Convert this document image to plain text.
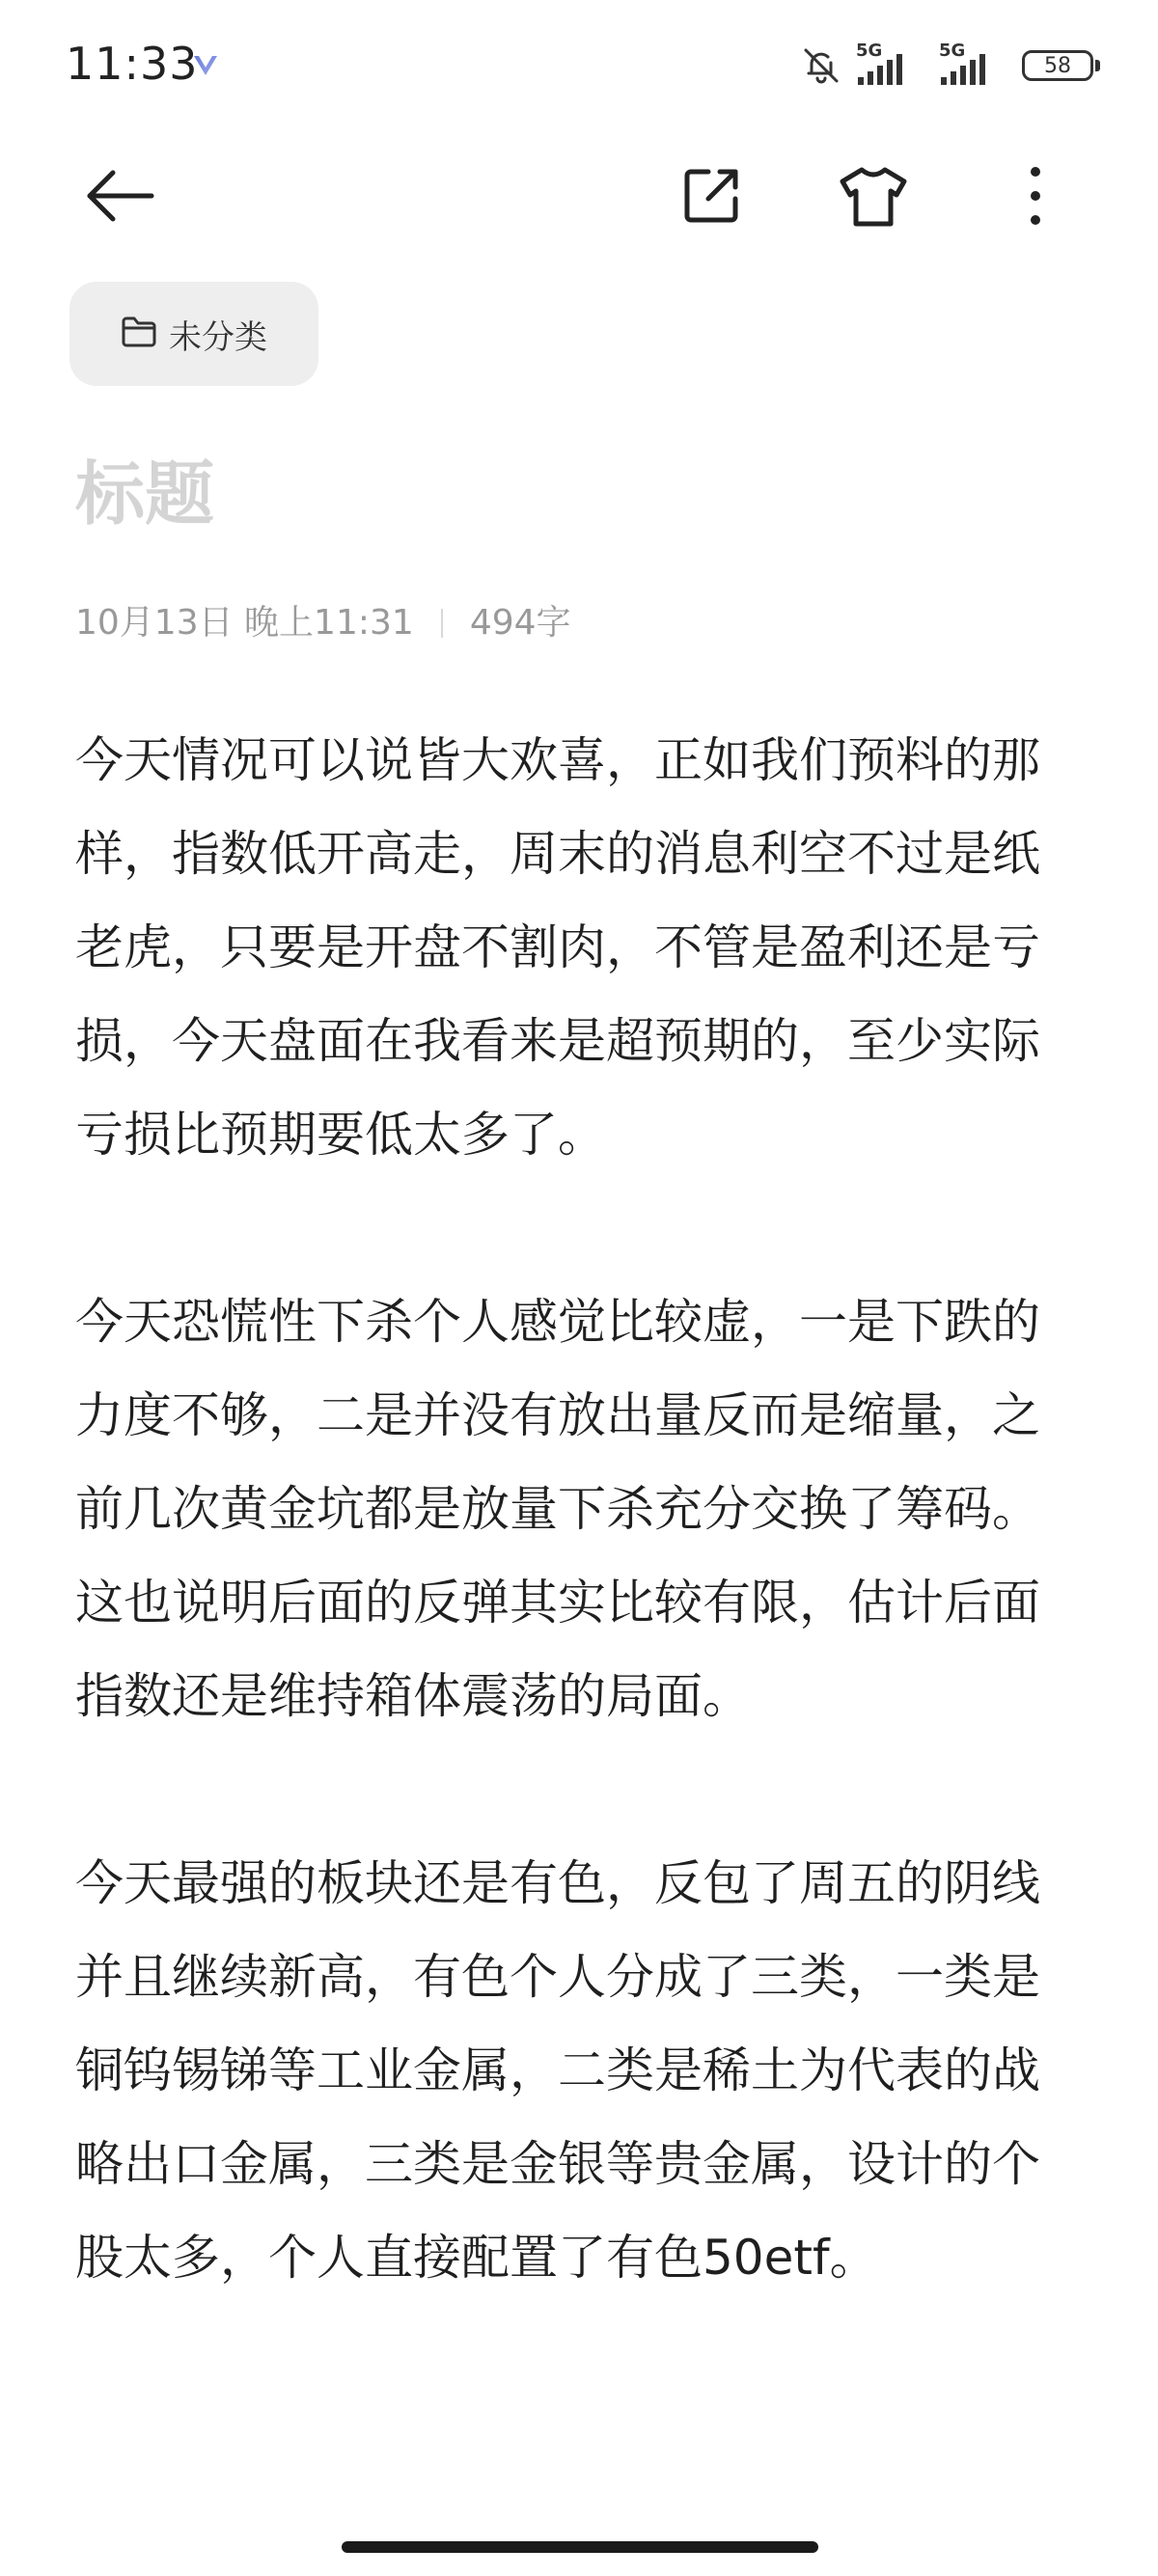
11:33	5G	5G
58
未分类
标题
10月13日 晚上11:31 494字

今天情况可以说皆大欢喜，正如我们预料的那样，指数低开高走，周末的消息利空不过是纸老虎，只要是开盘不割肉，不管是盈利还是亏损，今天盘面在我看来是超预期的，至少实际亏损比预期要低太多了。

今天恐慌性下杀个人感觉比较虚，一是下跌的力度不够，二是并没有放出量反而是缩量，之前几次黄金坑都是放量下杀充分交换了筹码。这也说明后面的反弹其实比较有限，估计后面指数还是维持箱体震荡的局面。

今天最强的板块还是有色，反包了周五的阴线并且继续新高，有色个人分成了三类，一类是铜钨锡锑等工业金属，二类是稀土为代表的战略出口金属，三类是金银等贵金属，设计的个股太多，个人直接配置了有色50etf。
